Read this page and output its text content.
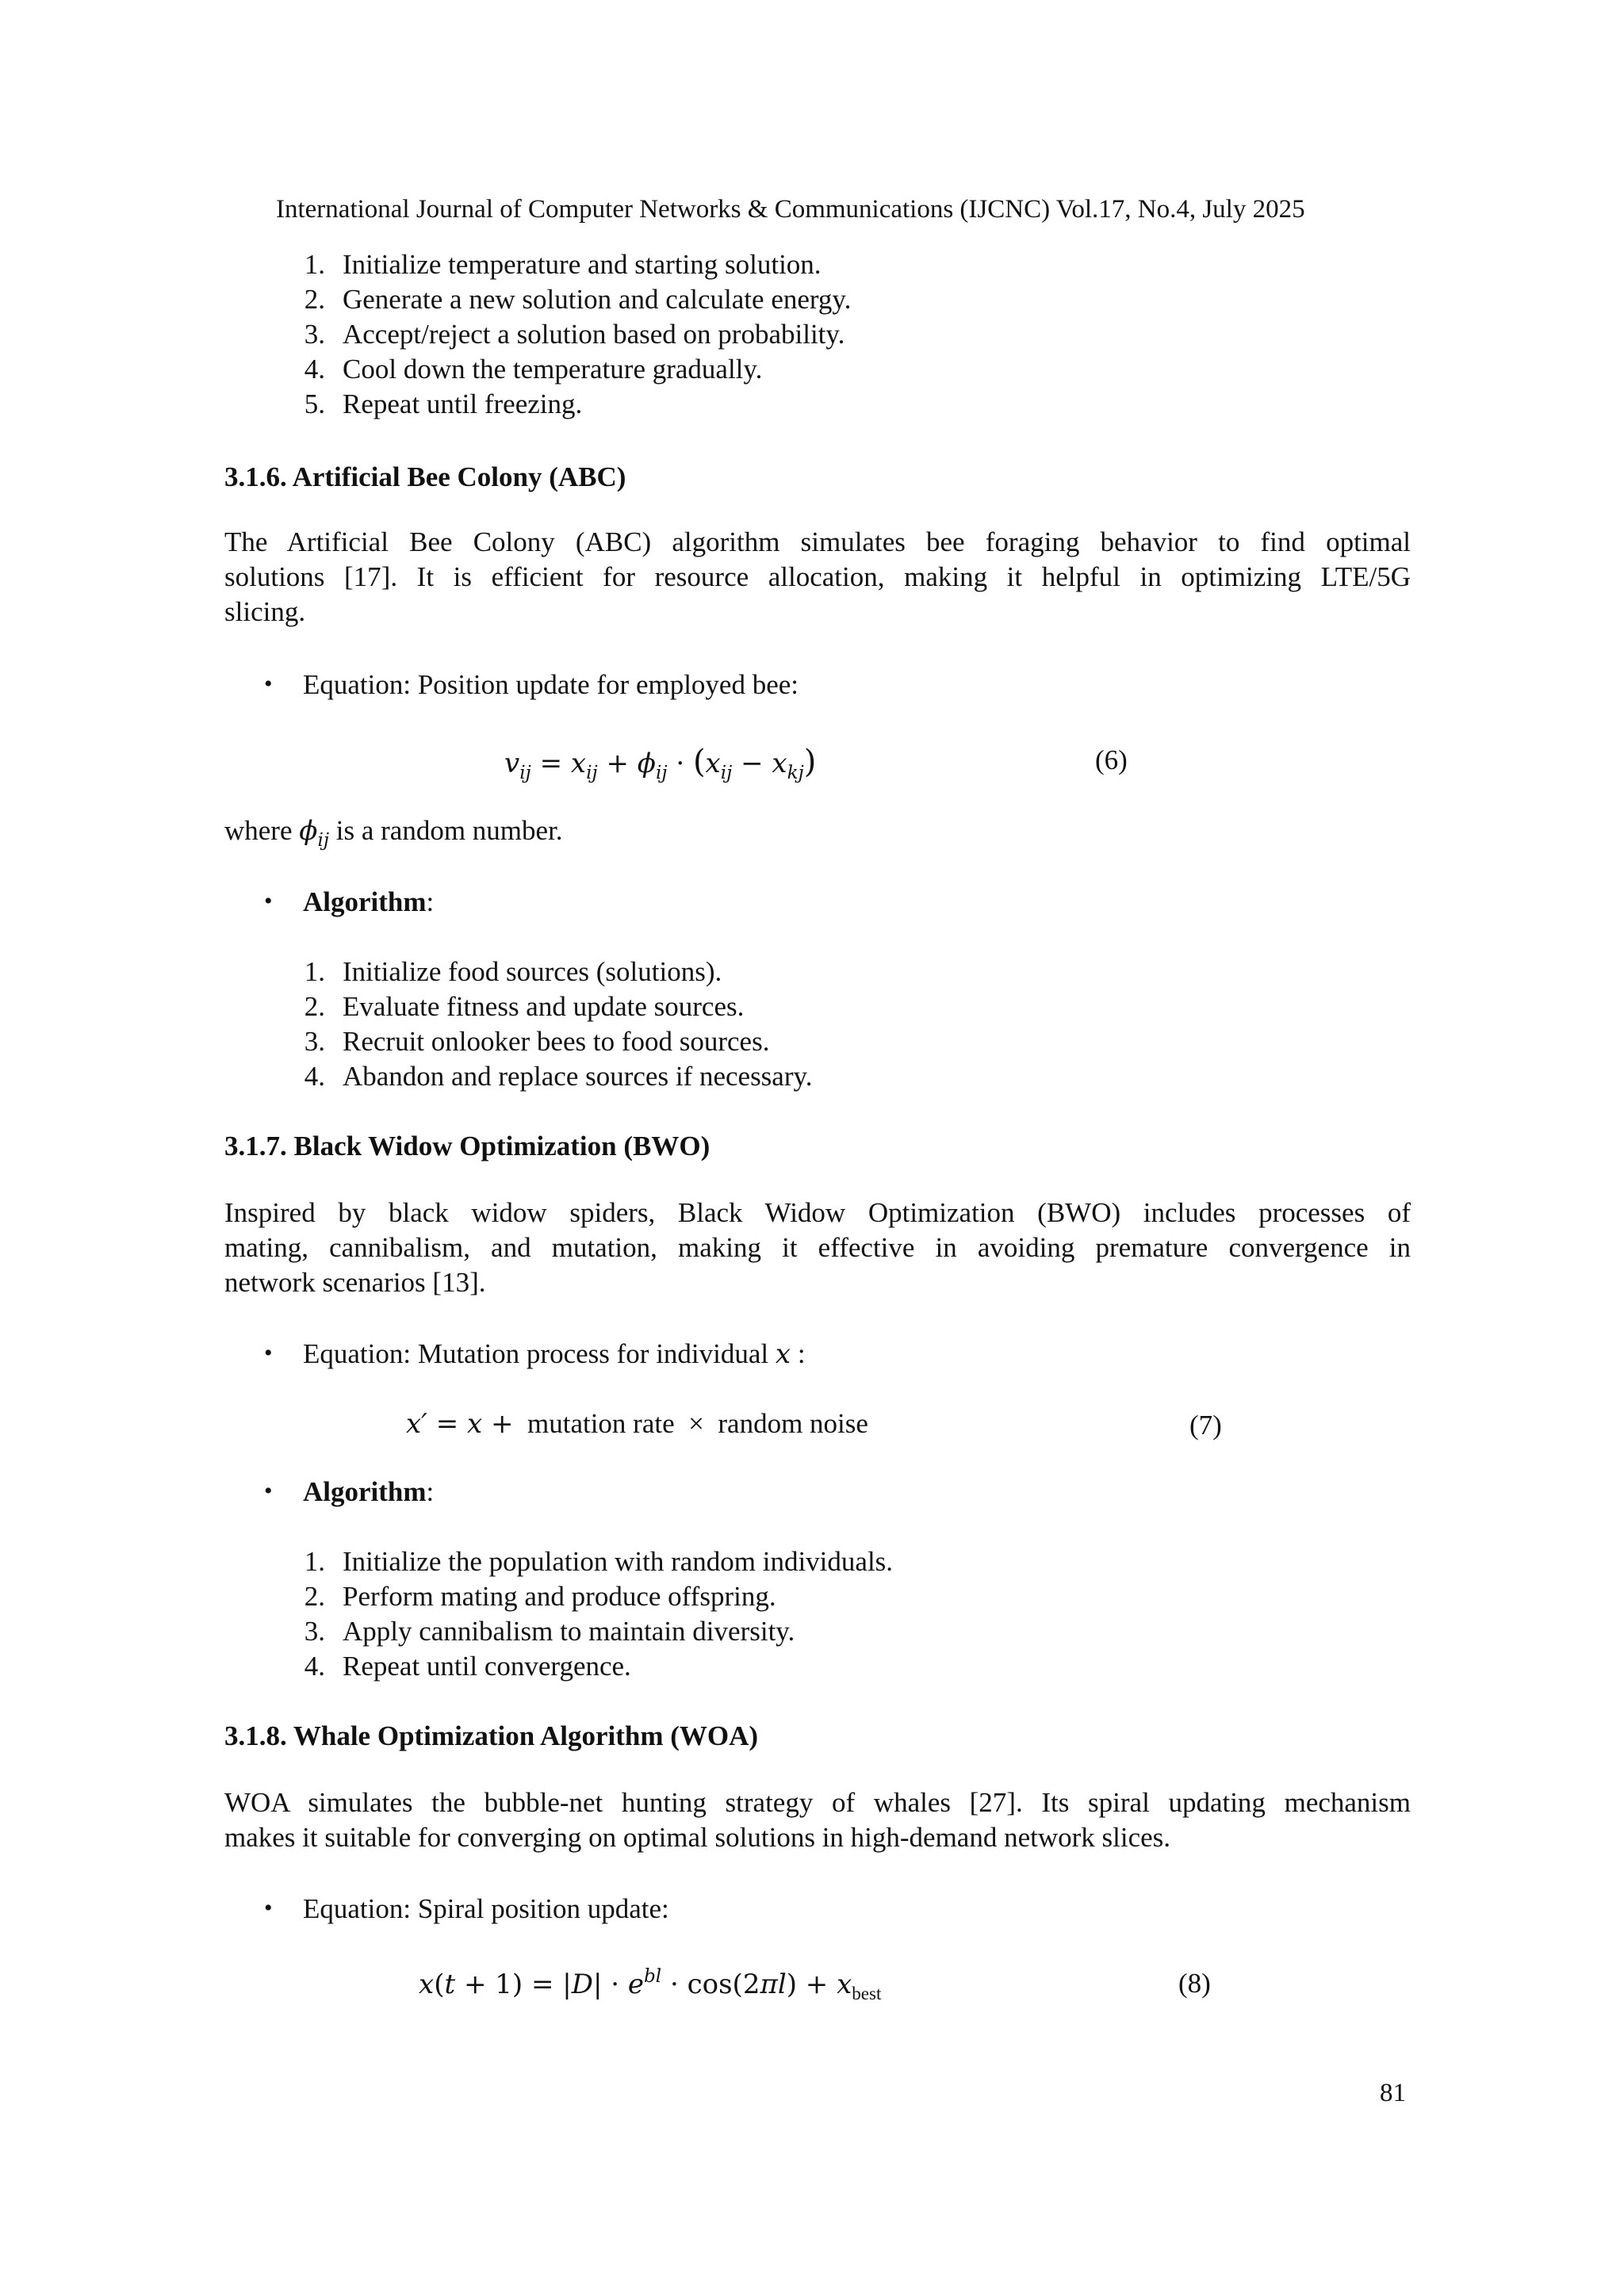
International Journal of Computer Networks & Communications (IJCNC) Vol.17, No.4, July 2025
1. Initialize temperature and starting solution.
2. Generate a new solution and calculate energy.
3. Accept/reject a solution based on probability.
4. Cool down the temperature gradually.
5. Repeat until freezing.
3.1.6. Artificial Bee Colony (ABC)
The Artificial Bee Colony (ABC) algorithm simulates bee foraging behavior to find optimal
solutions [17]. It is efficient for resource allocation, making it helpful in optimizing LTE/5G
slicing.
• Equation: Position update for employed bee:
$v_{ij} = x_{ij} + \phi_{ij} \cdot (x_{ij} - x_{kj})$	(6)
where $\phi_{ij}$ is a random number.
• Algorithm:
1. Initialize food sources (solutions).
2. Evaluate fitness and update sources.
3. Recruit onlooker bees to food sources.
4. Abandon and replace sources if necessary.
3.1.7. Black Widow Optimization (BWO)
Inspired by black widow spiders, Black Widow Optimization (BWO) includes processes of
mating, cannibalism, and mutation, making it effective in avoiding premature convergence in
network scenarios [13].
• Equation: Mutation process for individual x :
x′ = x + mutation rate × random noise	(7)
• Algorithm:
1. Initialize the population with random individuals.
2. Perform mating and produce offspring.
3. Apply cannibalism to maintain diversity.
4. Repeat until convergence.
3.1.8. Whale Optimization Algorithm (WOA)
WOA simulates the bubble-net hunting strategy of whales [27]. Its spiral updating mechanism
makes it suitable for converging on optimal solutions in high-demand network slices.
• Equation: Spiral position update:
$x(t + 1) = |D| \cdot e^{bl} \cdot \cos(2\pi l) + x_{best}$	(8)
81
